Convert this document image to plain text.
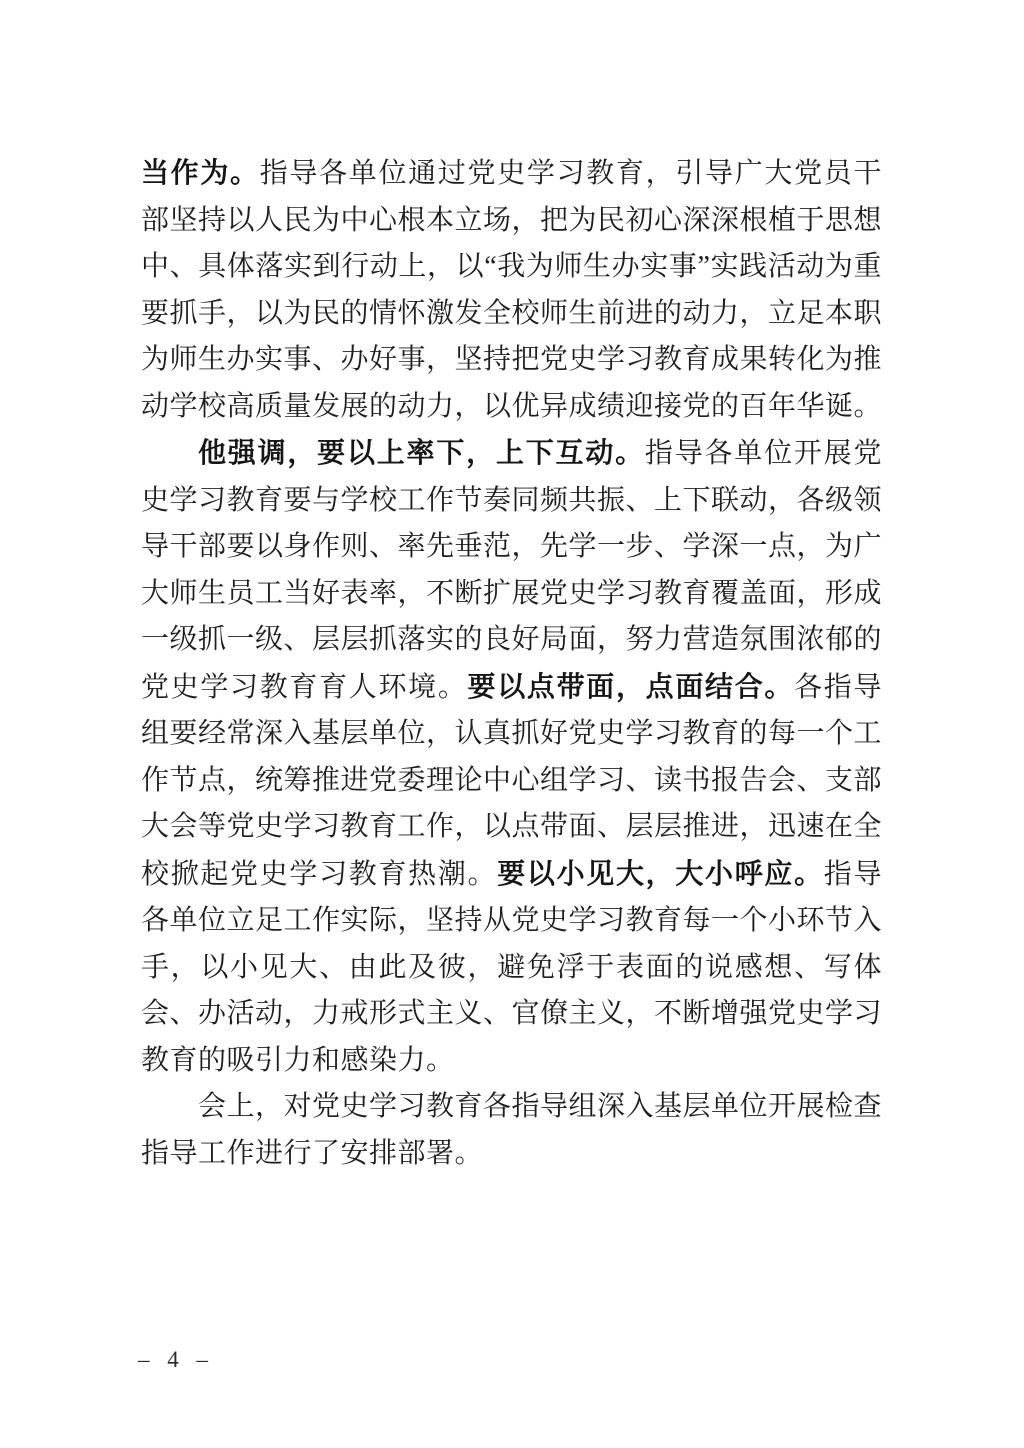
当作为。指导各单位通过党史学习教育，引导广大党员干部坚持以人民为中心根本立场，把为民初心深深根植于思想中、具体落实到行动上，以“我为师生办实事”实践活动为重要抓手，以为民的情怀激发全校师生前进的动力，立足本职为师生办实事、办好事，坚持把党史学习教育成果转化为推动学校高质量发展的动力，以优异成绩迎接党的百年华诞。

他强调，要以上率下，上下互动。指导各单位开展党史学习教育要与学校工作节奏同频共振、上下联动，各级领导干部要以身作则、率先垂范，先学一步、学深一点，为广大师生员工当好表率，不断扩展党史学习教育覆盖面，形成一级抓一级、层层抓落实的良好局面，努力营造氛围浓郁的党史学习教育育人环境。要以点带面，点面结合。各指导组要经常深入基层单位，认真抓好党史学习教育的每一个工作节点，统筹推进党委理论中心组学习、读书报告会、支部大会等党史学习教育工作，以点带面、层层推进，迅速在全校掀起党史学习教育热潮。要以小见大，大小呼应。指导各单位立足工作实际，坚持从党史学习教育每一个小环节入手，以小见大、由此及彼，避免浮于表面的说感想、写体会、办活动，力戒形式主义、官僚主义，不断增强党史学习教育的吸引力和感染力。

会上，对党史学习教育各指导组深入基层单位开展检查指导工作进行了安排部署。

– 4 –
